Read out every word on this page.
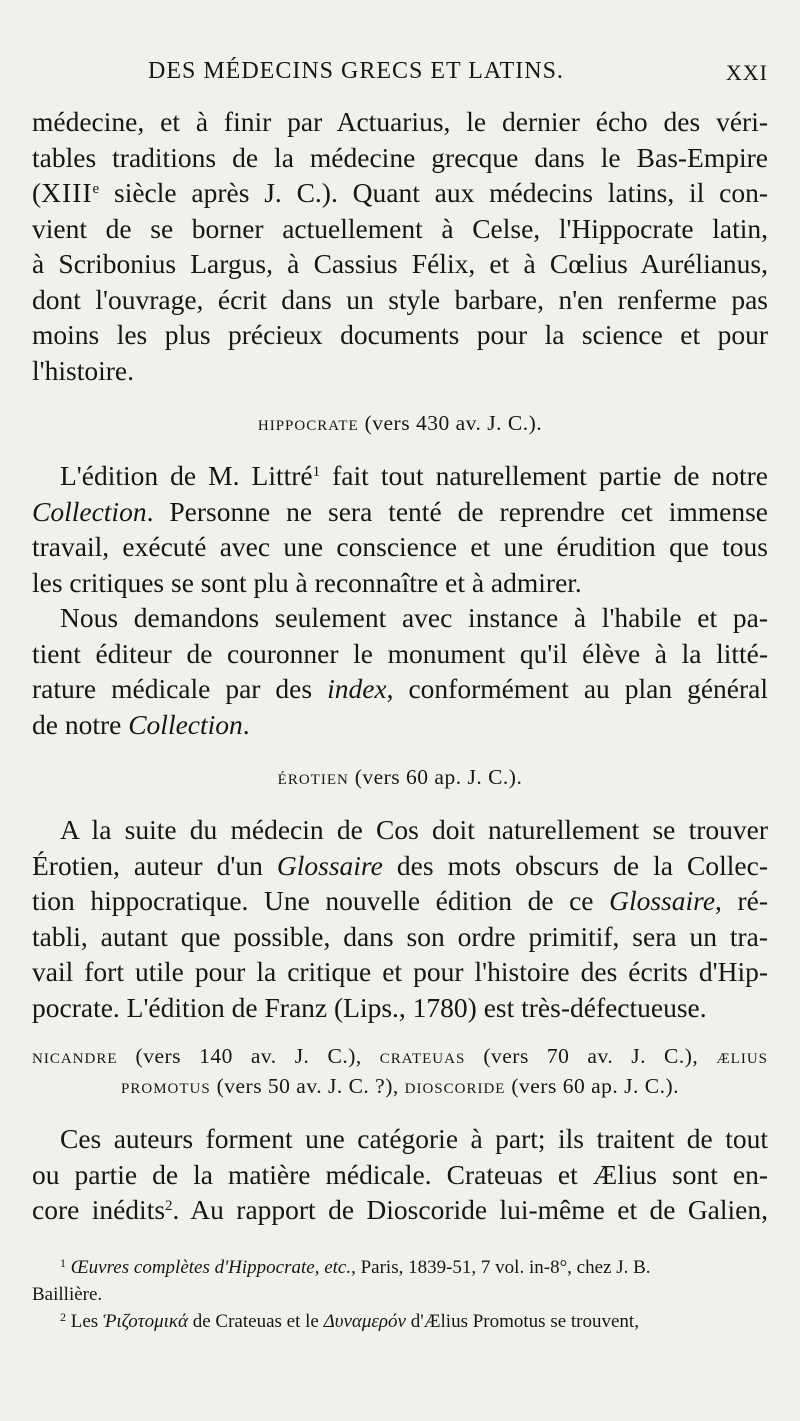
DES MÉDECINS GRECS ET LATINS.	XXI
médecine, et à finir par Actuarius, le dernier écho des véri-
tables traditions de la médecine grecque dans le Bas-Empire
(XIIIe siècle après J. C.). Quant aux médecins latins, il con-
vient de se borner actuellement à Celse, l'Hippocrate latin,
à Scribonius Largus, à Cassius Félix, et à Cœlius Aurélianus,
dont l'ouvrage, écrit dans un style barbare, n'en renferme pas
moins les plus précieux documents pour la science et pour
l'histoire.
hippocrate (vers 430 av. J. C.).
L'édition de M. Littré$^1$ fait tout naturellement partie de notre
Collection. Personne ne sera tenté de reprendre cet immense
travail, exécuté avec une conscience et une érudition que tous
les critiques se sont plu à reconnaître et à admirer.
Nous demandons seulement avec instance à l'habile et pa-
tient éditeur de couronner le monument qu'il élève à la litté-
rature médicale par des index, conformément au plan général
de notre Collection.
érotien (vers 60 ap. J. C.).
A la suite du médecin de Cos doit naturellement se trouver
Érotien, auteur d'un Glossaire des mots obscurs de la Collec-
tion hippocratique. Une nouvelle édition de ce Glossaire, ré-
tabli, autant que possible, dans son ordre primitif, sera un tra-
vail fort utile pour la critique et pour l'histoire des écrits d'Hip-
pocrate. L'édition de Franz (Lips., 1780) est très-défectueuse.
nicandre (vers 140 av. J. C.), crateuas (vers 70 av. J. C.), ælius
promotus (vers 50 av. J. C. ?), dioscoride (vers 60 ap. J. C.).
Ces auteurs forment une catégorie à part; ils traitent de tout
ou partie de la matière médicale. Crateuas et Ælius sont en-
core inédits$^2$. Au rapport de Dioscoride lui-même et de Galien,
$^1$ Œuvres complètes d'Hippocrate, etc., Paris, 1839-51, 7 vol. in-8°, chez J. B.
Baillière.
$^2$ Les Ῥιζοτομικά de Crateuas et le Δυναμερόν d'Ælius Promotus se trouvent,
